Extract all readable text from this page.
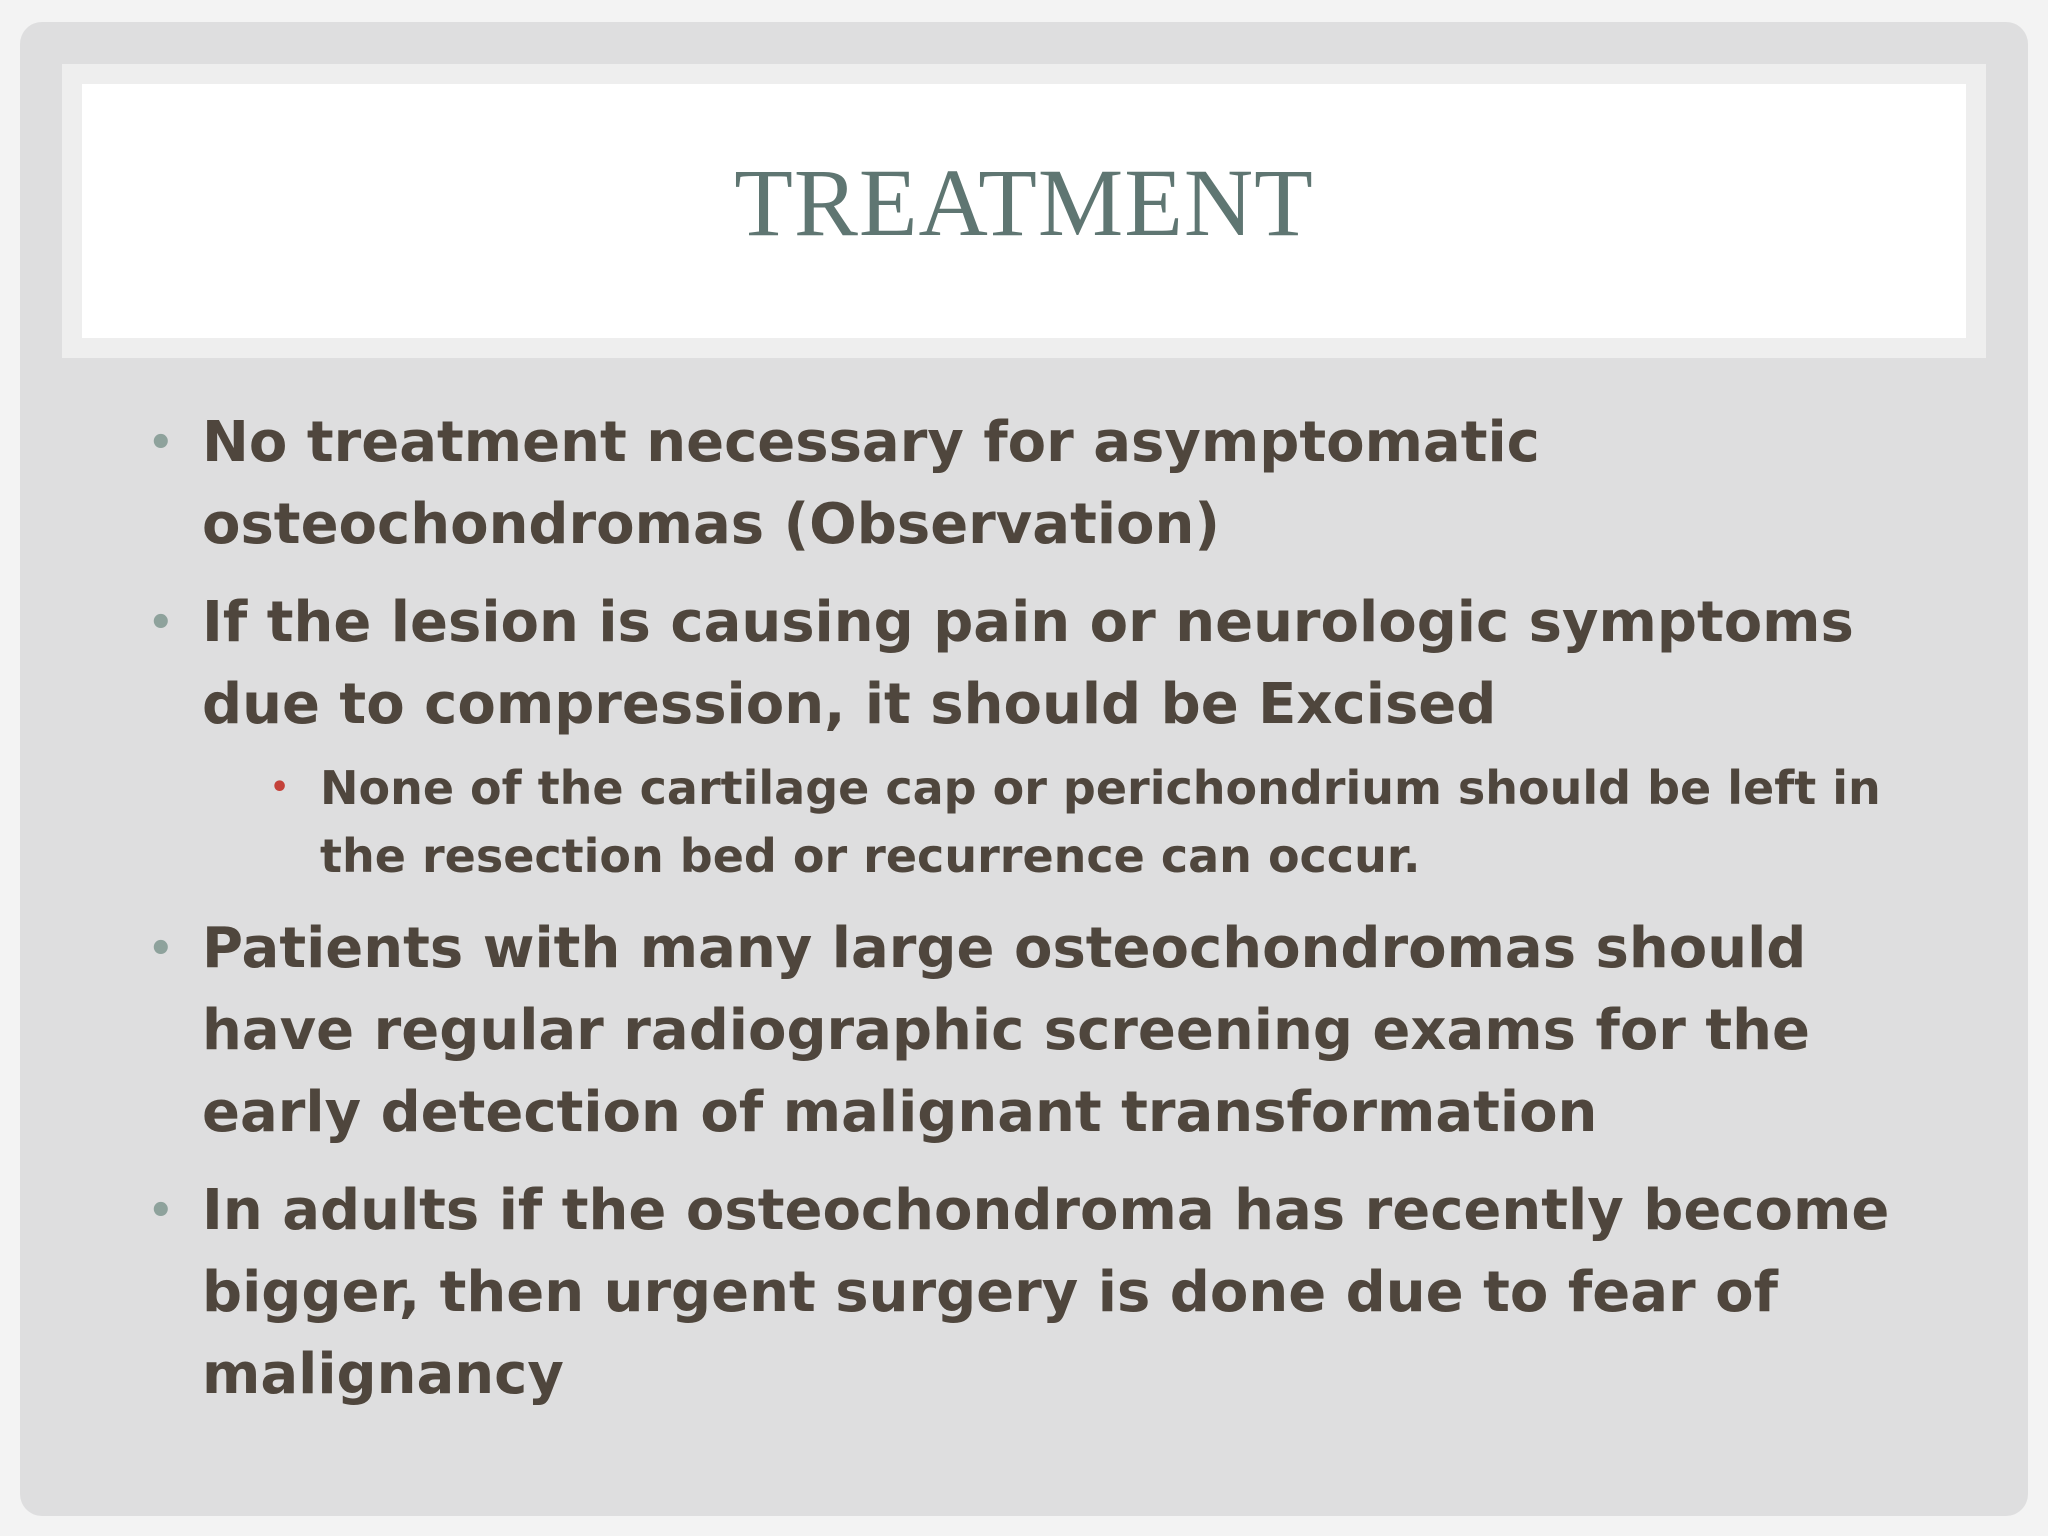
TREATMENT
• No treatment necessary for asymptomatic osteochondromas (Observation)
• If the lesion is causing pain or neurologic symptoms due to compression, it should be Excised
• None of the cartilage cap or perichondrium should be left in the resection bed or recurrence can occur.
• Patients with many large osteochondromas should have regular radiographic screening exams for the early detection of malignant transformation
• In adults if the osteochondroma has recently become bigger, then urgent surgery is done due to fear of malignancy
